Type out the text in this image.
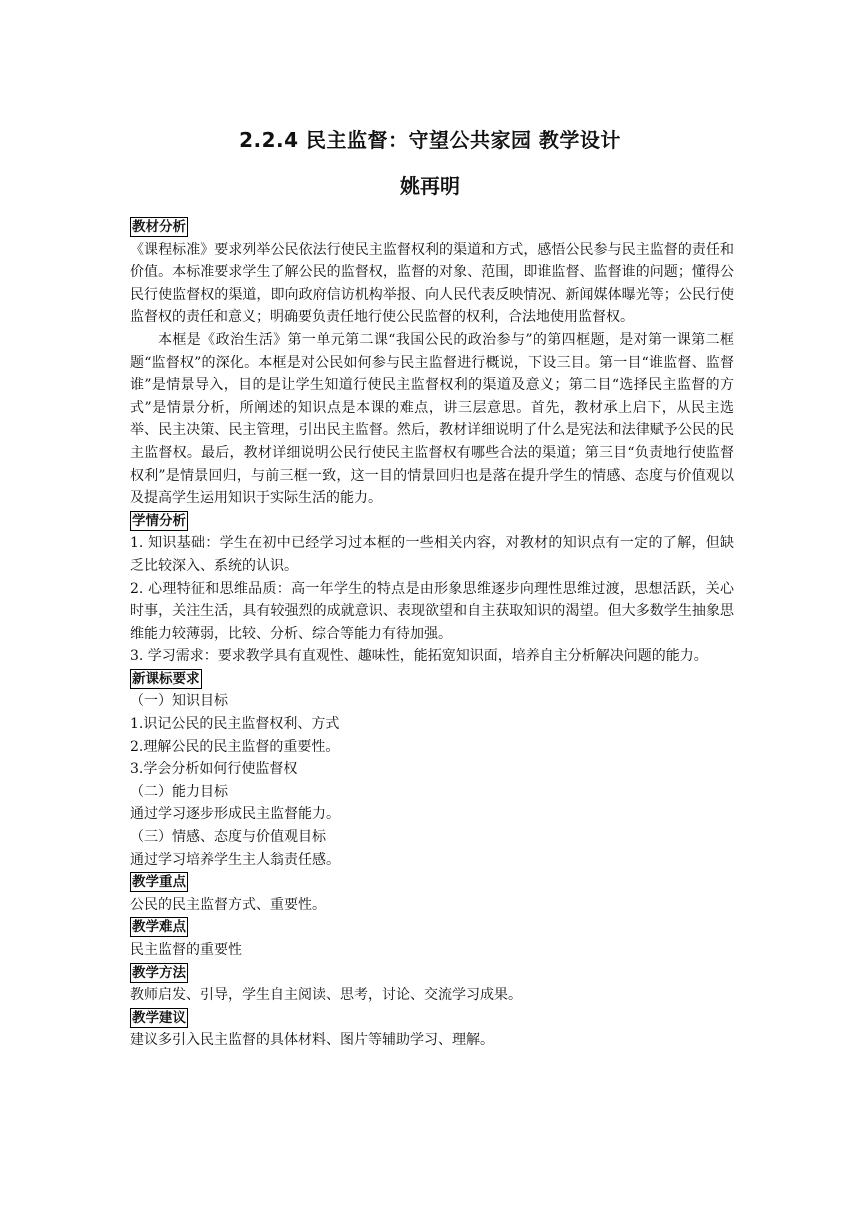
2.2.4 民主监督：守望公共家园 教学设计
姚再明

教材分析

《课程标准》要求列举公民依法行使民主监督权利的渠道和方式，感悟公民参与民主监督的责任和价值。本标准要求学生了解公民的监督权，监督的对象、范围，即谁监督、监督谁的问题；懂得公民行使监督权的渠道，即向政府信访机构举报、向人民代表反映情况、新闻媒体曝光等；公民行使监督权的责任和意义；明确要负责任地行使公民监督的权利，合法地使用监督权。

本框是《政治生活》第一单元第二课“我国公民的政治参与”的第四框题，是对第一课第二框题“监督权”的深化。本框是对公民如何参与民主监督进行概说，下设三目。第一目“谁监督、监督谁”是情景导入，目的是让学生知道行使民主监督权利的渠道及意义；第二目“选择民主监督的方式”是情景分析，所阐述的知识点是本课的难点，讲三层意思。首先，教材承上启下，从民主选举、民主决策、民主管理，引出民主监督。然后，教材详细说明了什么是宪法和法律赋予公民的民主监督权。最后，教材详细说明公民行使民主监督权有哪些合法的渠道；第三目“负责地行使监督权利”是情景回归，与前三框一致，这一目的情景回归也是落在提升学生的情感、态度与价值观以及提高学生运用知识于实际生活的能力。

学情分析

1. 知识基础：学生在初中已经学习过本框的一些相关内容，对教材的知识点有一定的了解，但缺乏比较深入、系统的认识。

2. 心理特征和思维品质：高一年学生的特点是由形象思维逐步向理性思维过渡，思想活跃，关心时事，关注生活，具有较强烈的成就意识、表现欲望和自主获取知识的渴望。但大多数学生抽象思维能力较薄弱，比较、分析、综合等能力有待加强。

3. 学习需求：要求教学具有直观性、趣味性，能拓宽知识面，培养自主分析解决问题的能力。

新课标要求

（一）知识目标

1.识记公民的民主监督权利、方式

2.理解公民的民主监督的重要性。

3.学会分析如何行使监督权

（二）能力目标

通过学习逐步形成民主监督能力。

（三）情感、态度与价值观目标

通过学习培养学生主人翁责任感。

教学重点

公民的民主监督方式、重要性。

教学难点

民主监督的重要性

教学方法

教师启发、引导，学生自主阅读、思考，讨论、交流学习成果。

教学建议

建议多引入民主监督的具体材料、图片等辅助学习、理解。
